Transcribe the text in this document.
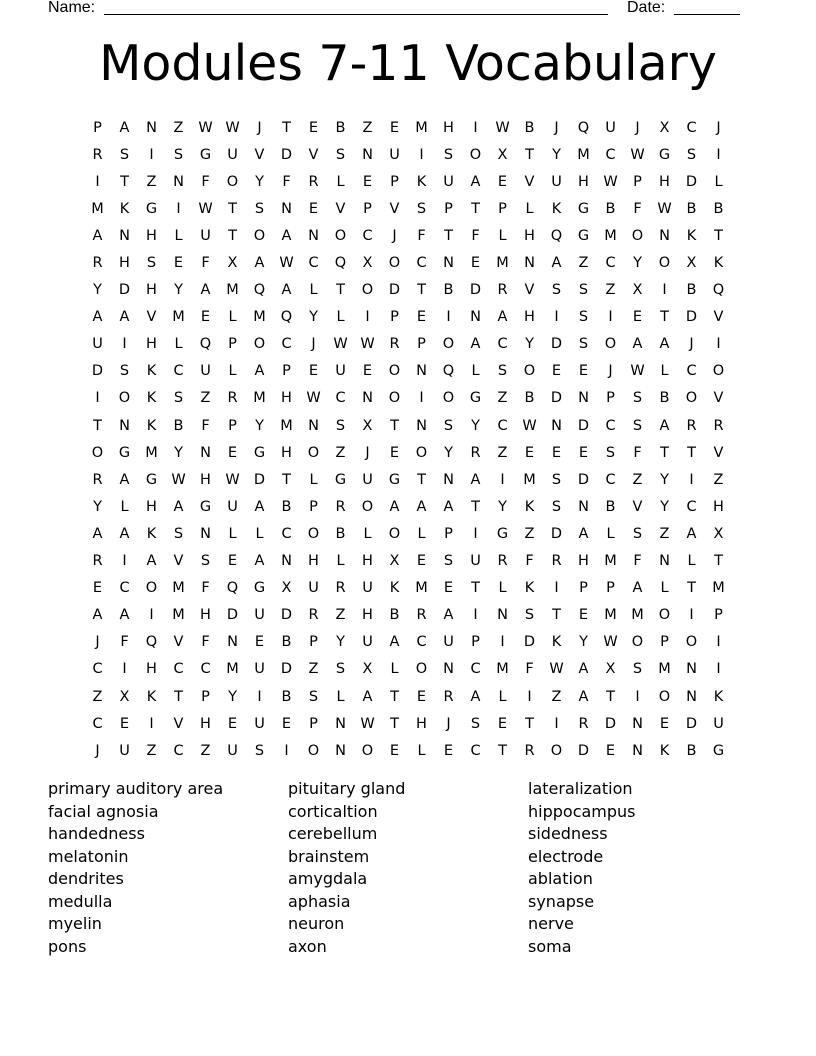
Name:	Date:
Modules 7-11 Vocabulary
P	A	N	Z	W W	J	T	E	B	Z	E	M	H	I	W	B	J	Q	U	J	X	C	J
R	S	I	S	G	U	V	D	V	S	N	U	I	S	O	X	T	Y	M	C	W G	S	I
I	T	Z	N	F	O	Y	F	R	L	E	P	K	U	A	E	V	U	H W	P	H	D	L
M	K	G	I	W	T	S	N	E	V	P	V	S	P	T	P	L	K	G	B	F	W	B	B
A	N	H	L	U	T	O	A	N	O	C	J	F	T	F	L	H	Q	G	M	O	N	K	T
R	H	S	E	F	X	A	W	C	Q	X	O	C	N	E	M	N	A	Z	C	Y	O	X	K
Y	D	H	Y	A	M	Q	A	L	T	O	D	T	B	D	R	V	S	S	Z	X	I	B	Q
A	A	V	M	E	L	M	Q	Y	L	I	P	E	I	N	A	H	I	S	I	E	T	D	V
U	I	H	L	Q	P	O	C	J	W W	R	P	O	A	C	Y	D	S	O	A	A	J	I
D	S	K	C	U	L	A	P	E	U	E	O	N	Q	L	S	O	E	E	J	W	L	C	O
I	O	K	S	Z	R	M	H W	C	N	O	I	O	G	Z	B	D	N	P	S	B	O	V
T	N	K	B	F	P	Y	M	N	S	X	T	N	S	Y	C	W N	D	C	S	A	R	R
O	G	M	Y	N	E	G	H	O	Z	J	E	O	Y	R	Z	E	E	E	S	F	T	T	V
R	A	G W H W D	T	L	G	U	G	T	N	A	I	M	S	D	C	Z	Y	I	Z
Y	L	H	A	G	U	A	B	P	R	O	A	A	A	T	Y	K	S	N	B	V	Y	C	H
A	A	K	S	N	L	L	C	O	B	L	O	L	P	I	G	Z	D	A	L	S	Z	A	X
R	I	A	V	S	E	A	N	H	L	H	X	E	S	U	R	F	R	H	M	F	N	L	T
E	C	O	M	F	Q	G	X	U	R	U	K	M	E	T	L	K	I	P	P	A	L	T	M
A	A	I	M	H	D	U	D	R	Z	H	B	R	A	I	N	S	T	E	M M	O	I	P
J	F	Q	V	F	N	E	B	P	Y	U	A	C	U	P	I	D	K	Y	W O	P	O	I
C	I	H	C	C	M	U	D	Z	S	X	L	O	N	C	M	F	W	A	X	S	M	N	I
Z	X	K	T	P	Y	I	B	S	L	A	T	E	R	A	L	I	Z	A	T	I	O	N	K
C	E	I	V	H	E	U	E	P	N W	T	H	J	S	E	T	I	R	D	N	E	D	U
J	U	Z	C	Z	U	S	I	O	N	O	E	L	E	C	T	R	O	D	E	N	K	B	G
primary auditory area
facial agnosia
handedness
melatonin
dendrites
medulla
myelin
pons
pituitary gland
corticaltion
cerebellum
brainstem
amygdala
aphasia
neuron
axon
lateralization
hippocampus
sidedness
electrode
ablation
synapse
nerve
soma
